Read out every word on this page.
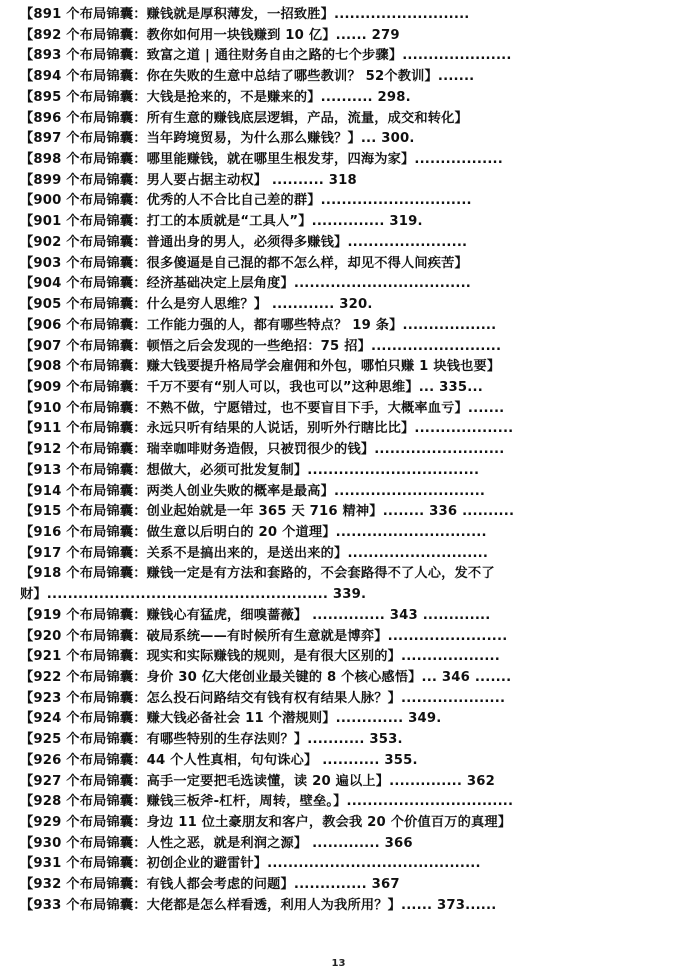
【891 个布局锦囊：赚钱就是厚积薄发，一招致胜】..........................
【892 个布局锦囊：教你如何用一块钱赚到 10 亿】...... 279
【893 个布局锦囊：致富之道 | 通往财务自由之路的七个步骤】.....................
【894 个布局锦囊：你在失败的生意中总结了哪些教训？ 52个教训】.......
【895 个布局锦囊：大钱是抢来的，不是赚来的】.......... 298.
【896 个布局锦囊：所有生意的赚钱底层逻辑，产品，流量，成交和转化】
【897 个布局锦囊：当年跨境贸易，为什么那么赚钱？】... 300.
【898 个布局锦囊：哪里能赚钱，就在哪里生根发芽，四海为家】.................
【899 个布局锦囊：男人要占据主动权】 .......... 318
【900 个布局锦囊：优秀的人不合比自己差的群】.............................
【901 个布局锦囊：打工的本质就是“工具人”】.............. 319.
【902 个布局锦囊：普通出身的男人，必须得多赚钱】.......................
【903 个布局锦囊：很多傻逼是自己混的都不怎么样，却见不得人间疾苦】
【904 个布局锦囊：经济基础决定上层角度】..................................
【905 个布局锦囊：什么是穷人思维？】 ............ 320.
【906 个布局锦囊：工作能力强的人，都有哪些特点？ 19 条】..................
【907 个布局锦囊：顿悟之后会发现的一些绝招：75 招】.........................
【908 个布局锦囊：赚大钱要提升格局学会雇佣和外包，哪怕只赚 1 块钱也要】
【909 个布局锦囊：千万不要有“别人可以，我也可以”这种思维】... 335...
【910 个布局锦囊：不熟不做，宁愿错过，也不要盲目下手，大概率血亏】.......
【911 个布局锦囊：永远只听有结果的人说话，别听外行瞎比比】...................
【912 个布局锦囊：瑞幸咖啡财务造假，只被罚很少的钱】.........................
【913 个布局锦囊：想做大，必须可批发复制】.................................
【914 个布局锦囊：两类人创业失败的概率是最高】.............................
【915 个布局锦囊：创业起始就是一年 365 天 716 精神】........ 336 ..........
【916 个布局锦囊：做生意以后明白的 20 个道理】.............................
【917 个布局锦囊：关系不是搞出来的，是送出来的】...........................
【918 个布局锦囊：赚钱一定是有方法和套路的，不会套路得不了人心，发不了
财】...................................................... 339.
【919 个布局锦囊：赚钱心有猛虎，细嗅蔷薇】 .............. 343 .............
【920 个布局锦囊：破局系统——有时候所有生意就是博弈】.......................
【921 个布局锦囊：现实和实际赚钱的规则，是有很大区别的】...................
【922 个布局锦囊：身价 30 亿大佬创业最关键的 8 个核心感悟】... 346 .......
【923 个布局锦囊：怎么投石问路结交有钱有权有结果人脉？】....................
【924 个布局锦囊：赚大钱必备社会 11 个潜规则】............. 349.
【925 个布局锦囊：有哪些特别的生存法则？】........... 353.
【926 个布局锦囊：44 个人性真相，句句诛心】 ........... 355.
【927 个布局锦囊：高手一定要把毛选读懂，读 20 遍以上】.............. 362
【928 个布局锦囊：赚钱三板斧-杠杆，周转，壁垒。】................................
【929 个布局锦囊：身边 11 位土豪朋友和客户，教会我 20 个价值百万的真理】
【930 个布局锦囊：人性之恶，就是利润之源】 ............. 366
【931 个布局锦囊：初创企业的避雷针】.........................................
【932 个布局锦囊：有钱人都会考虑的问题】.............. 367
【933 个布局锦囊：大佬都是怎么样看透，利用人为我所用？】...... 373......
13
